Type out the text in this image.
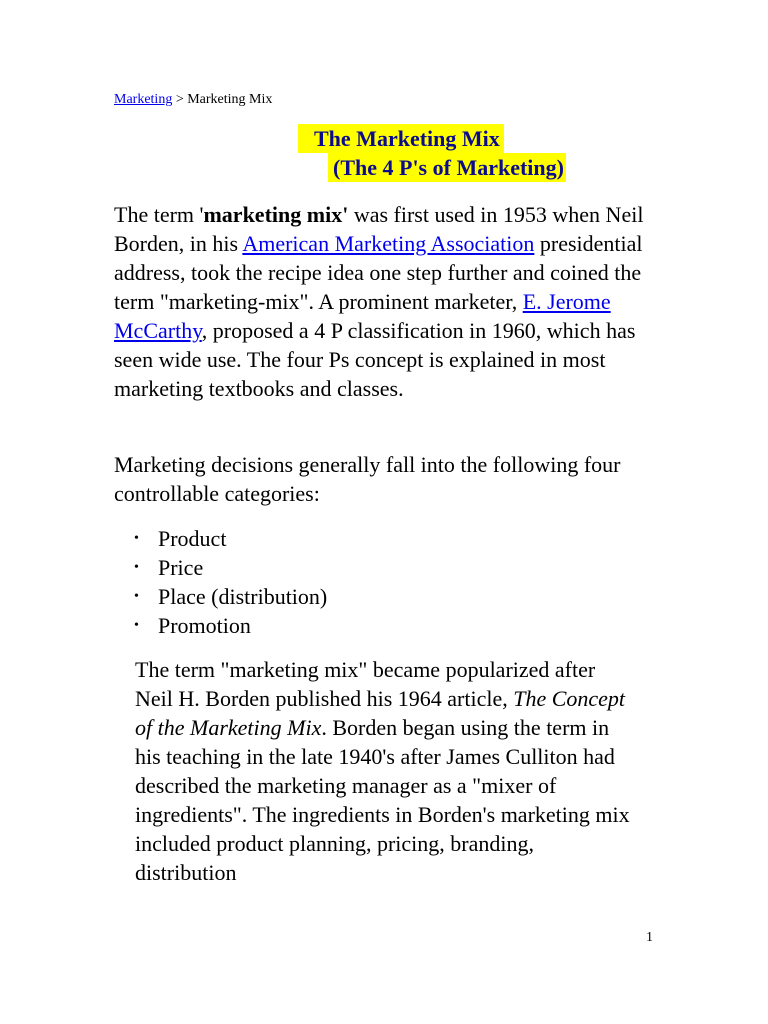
Marketing > Marketing Mix
The Marketing Mix
(The 4 P's of Marketing)

The term 'marketing mix' was first used in 1953 when Neil Borden, in his American Marketing Association presidential address, took the recipe idea one step further and coined the term "marketing-mix". A prominent marketer, E. Jerome McCarthy, proposed a 4 P classification in 1960, which has seen wide use. The four Ps concept is explained in most marketing textbooks and classes.

Marketing decisions generally fall into the following four controllable categories:

• Product
• Price
• Place (distribution)
• Promotion

The term "marketing mix" became popularized after Neil H. Borden published his 1964 article, The Concept of the Marketing Mix. Borden began using the term in his teaching in the late 1940's after James Culliton had described the marketing manager as a "mixer of ingredients". The ingredients in Borden's marketing mix included product planning, pricing, branding, distribution

1
